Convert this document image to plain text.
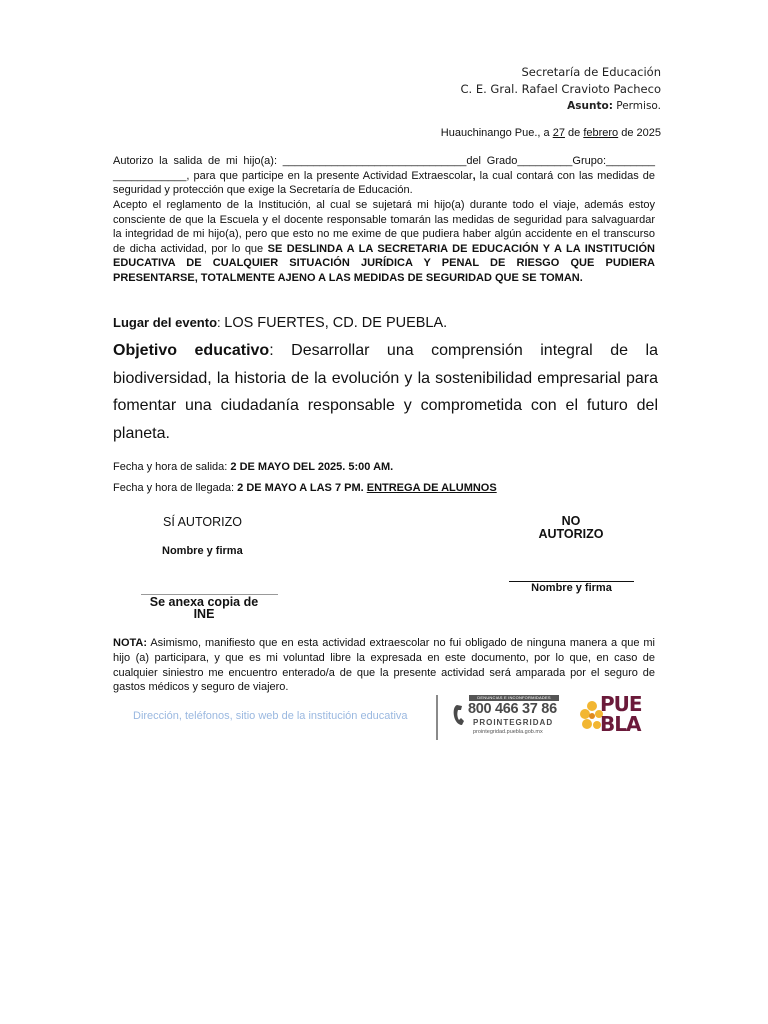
Secretaría de Educación
C. E. Gral. Rafael Cravioto Pacheco
Asunto: Permiso.
Huauchinango Pue., a 27 de febrero de 2025
Autorizo la salida de mi hijo(a): ______________________________del Grado_________Grupo:________ ____________, para que participe en la presente Actividad Extraescolar, la cual contará con las medidas de seguridad y protección que exige la Secretaría de Educación.
Acepto el reglamento de la Institución, al cual se sujetará mi hijo(a) durante todo el viaje, además estoy consciente de que la Escuela y el docente responsable tomarán las medidas de seguridad para salvaguardar la integridad de mi hijo(a), pero que esto no me exime de que pudiera haber algún accidente en el transcurso de dicha actividad, por lo que SE DESLINDA A LA SECRETARIA DE EDUCACIÓN Y A LA INSTITUCIÓN EDUCATIVA DE CUALQUIER SITUACIÓN JURÍDICA Y PENAL DE RIESGO QUE PUDIERA PRESENTARSE, TOTALMENTE AJENO A LAS MEDIDAS DE SEGURIDAD QUE SE TOMAN.
Lugar del evento: LOS FUERTES, CD. DE PUEBLA.
Objetivo educativo: Desarrollar una comprensión integral de la biodiversidad, la historia de la evolución y la sostenibilidad empresarial para fomentar una ciudadanía responsable y comprometida con el futuro del planeta.
Fecha y hora de salida: 2 DE MAYO DEL 2025. 5:00 AM.
Fecha y hora de llegada: 2 DE MAYO A LAS 7 PM. ENTREGA DE ALUMNOS
SÍ AUTORIZO
Nombre y firma
NO AUTORIZO
Se anexa copia de INE
Nombre y firma
NOTA: Asimismo, manifiesto que en esta actividad extraescolar no fui obligado de ninguna manera a que mi hijo (a) participara, y que es mi voluntad libre la expresada en este documento, por lo que, en caso de cualquier siniestro me encuentro enterado/a de que la presente actividad será amparada por el seguro de gastos médicos y seguro de viajero.
Dirección, teléfonos, sitio web de la institución educativa
DENUNCIAS E INCONFORMIDADES
800 466 37 86
PROINTEGRIDAD
prointegridad.puebla.gob.mx
PUE
BLA
